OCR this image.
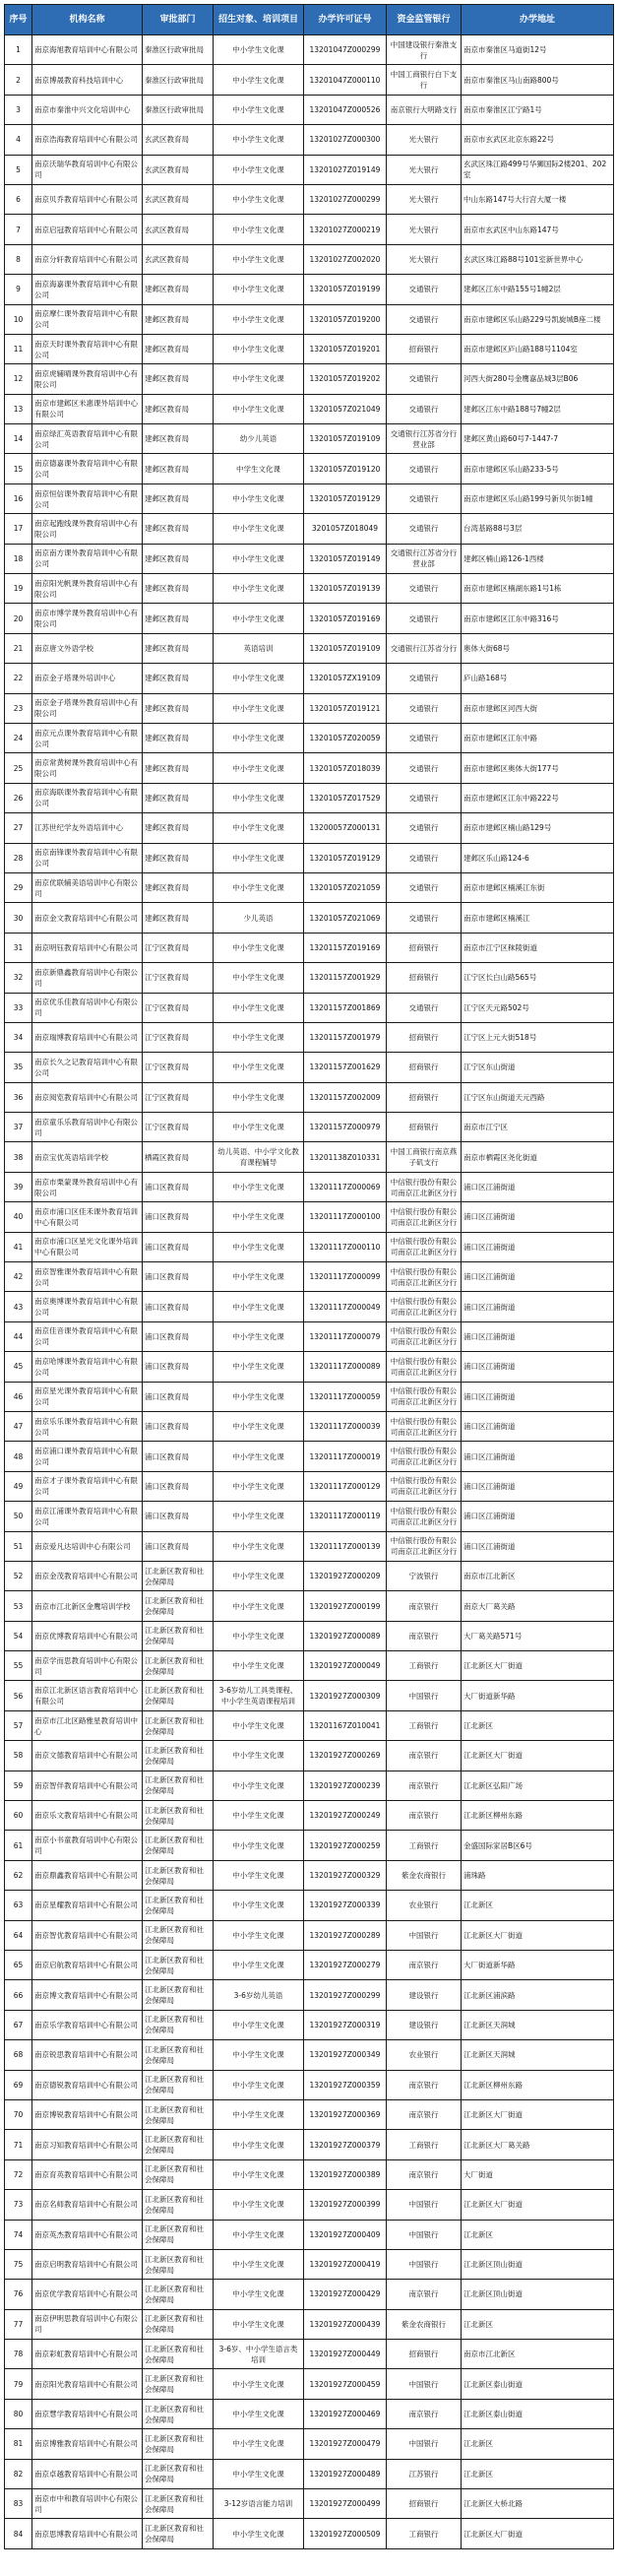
序号	机构名称	审批部门	招生对象、培训项目	办学许可证号	资金监管银行	办学地址
1	南京海旭教育培训中心有限公司	秦淮区行政审批局	中小学生文化课	13201047Z000299	中国建设银行秦淮支行	南京市秦淮区马道街12号
2	南京博晟教育科技培训中心	秦淮区行政审批局	中小学生文化课	13201047Z000110	中国工商银行白下支行	南京市秦淮区马山南路800号
3	南京市秦淮中兴文化培训中心	秦淮区行政审批局	中小学生文化课	13201047Z000526	南京银行大明路支行	南京市秦淮区江宁路1号
4	南京浩海教育培训中心有限公司	玄武区教育局	中小学生文化课	13201027Z000300	光大银行	南京市玄武区北京东路22号
5	南京沃瑞华教育培训中心有限公司	玄武区教育局	中小学生文化课	13201027Z019149	光大银行	玄武区珠江路499号华狮国际2楼201、202室
6	南京贝乔教育培训中心有限公司	玄武区教育局	中小学生文化课	13201027Z000299	光大银行	中山东路147号大行宫大厦一楼
7	南京启冠教育培训中心有限公司	玄武区教育局	中小学生文化课	13201027Z000219	光大银行	南京市玄武区中山东路147号
8	南京分轩教育培训中心有限公司	玄武区教育局	中小学生文化课	13201027Z002020	光大银行	玄武区珠江路88号101室新世界中心
9	南京海嘉课外教育培训中心有限公司	建邺区教育局	中小学生文化课	13201057Z019199	交通银行	建邺区江东中路155号1幢2层
10	南京摩仁课外教育培训中心有限公司	建邺区教育局	中小学生文化课	13201057Z019200	交通银行	南京市建邺区乐山路229号凯旋城B座二楼
11	南京天时课外教育培训中心有限公司	建邺区教育局	中小学生文化课	13201057Z019201	招商银行	南京市建邺区庐山路188号1104室
12	南京虎辅晴课外教育培训中心有限公司	建邺区教育局	中小学生文化课	13201057Z019202	交通银行	河西大街280号金鹰嘉品城3层B06
13	南京市建邺区米惠课外培训中心有限公司	建邺区教育局	中小学生文化课	13201057Z021049	交通银行	建邺区江东中路188号7幢2层
14	南京绿汇英语教育培训中心有限公司	建邺区教育局	幼少儿英语	13201057Z019109	交通银行江苏省分行营业部	建邺区黄山路60号7-1447-7
15	南京德嘉课外教育培训中心有限公司	建邺区教育局	中学生文化课	13201057Z019120	交通银行	南京市建邺区乐山路233-5号
16	南京恒信课外教育培训中心有限公司	建邺区教育局	中小学生文化课	13201057Z019129	交通银行	南京市建邺区乐山路199号新贝尔街1幢
17	南京起跑线课外教育培训中心有限公司	建邺区教育局	中小学生文化课	3201057Z018049	交通银行	台湾基路88号3层
18	南京南方课外教育培训中心有限公司	建邺区教育局	中小学生文化课	13201057Z019149	交通银行江苏省分行营业部	建邺区楠山路126-1西楼
19	南京阳光帆课外教育培训中心有限公司	建邺区教育局	中小学生文化课	13201057Z019139	交通银行	南京市建邺区楠湖东路1号1栋
20	南京市博学课外教育培训中心有限公司	建邺区教育局	中小学生文化课	13201057Z019169	交通银行	南京市建邺区江东中路316号
21	南京唐文外语学校	建邺区教育局	英语培训	13201057Z019109	交通银行江苏省分行	奥体大街68号
22	南京金子塔课外培训中心	建邺区教育局	中小学生文化课	13201057ZX19109	交通银行	庐山路168号
23	南京金子塔课外教育培训中心有限公司	建邺区教育局	中小学生文化课	13201057Z019121	交通银行	南京市建邺区河西大街
24	南京元点课外教育培训中心有限公司	建邺区教育局	中小学生文化课	13201057Z020059	交通银行	南京市建邺区江东中路
25	南京常黄树课外教育培训中心有限公司	建邺区教育局	中小学生文化课	13201057Z018039	交通银行	南京市建邺区奥体大街177号
26	南京海联课外教育培训中心有限公司	建邺区教育局	中小学生文化课	13201057Z017529	交通银行	南京市建邺区江东中路222号
27	江苏世纪学友外语培训中心	建邺区教育局	中小学生文化课	13200057Z000131	交通银行	南京市建邺区楠山路129号
28	南京南锋课外教育培训中心有限公司	建邺区教育局	中小学生文化课	13201057Z019129	交通银行	建邺区乐山路124-6
29	南京优联辅美语培训中心有限公司	建邺区教育局	中小学生文化课	13201057Z021059	交通银行	南京市建邺区楠溪江东街
30	南京金文教育培训中心有限公司	建邺区教育局	少儿英语	13201057Z021069	交通银行	南京市建邺区楠溪江
31	南京明钰教育培训中心有限公司	江宁区教育局	中小学生文化课	13201157Z019169	招商银行	南京市江宁区秣陵街道
32	南京新鼎鑫教育培训中心有限公司	江宁区教育局	中小学生文化课	13201157Z001929	招商银行	江宁区长白山路565号
33	南京优乐佳教育培训中心有限公司	江宁区教育局	中小学生文化课	13201157Z001869	交通银行	江宁区天元路502号
34	南京瑞博教育培训中心有限公司	江宁区教育局	中小学生文化课	13201157Z001979	招商银行	江宁区上元大街518号
35	南京长久之记教育培训中心有限公司	江宁区教育局	中小学生文化课	13201157Z001629	招商银行	江宁区东山街道
36	南京阅览教育培训中心有限公司	江宁区教育局	中小学生文化课	13201157Z002009	招商银行	江宁区东山街道天元西路
37	南京童乐乐教育培训中心有限公司	江宁区教育局	中小学生文化课	13201157Z000979	招商银行	南京市江宁区
38	南京宝优英语培训学校	栖霞区教育局	幼儿英语、中小学文化教育课程辅导	13201138Z010331	中国工商银行南京燕子矶支行	南京市栖霞区尧化街道
39	南京市栗蒙课外教育培训中心有限公司	浦口区教育局	中小学生文化课	13201117Z000069	中信银行股份有限公司南京江北新区分行	浦口区江浦街道
40	南京市浦口区佳禾课外教育培训中心有限公司	浦口区教育局	中小学生文化课	13201117Z000100	中信银行股份有限公司南京江北新区分行	浦口区江浦街道
41	南京市浦口区星光文化课外培训中心有限公司	浦口区教育局	中小学生文化课	13201117Z000110	中信银行股份有限公司南京江北新区分行	浦口区江浦街道
42	南京智雅课外教育培训中心有限公司	浦口区教育局	中小学生文化课	13201117Z000099	中信银行股份有限公司南京江北新区分行	浦口区江浦街道
43	南京奥博课外教育培训中心有限公司	浦口区教育局	中小学生文化课	13201117Z000049	中信银行股份有限公司南京江北新区分行	浦口区江浦街道
44	南京佳音课外教育培训中心有限公司	浦口区教育局	中小学生文化课	13201117Z000079	中信银行股份有限公司南京江北新区分行	浦口区江浦街道
45	南京哈博课外教育培训中心有限公司	浦口区教育局	中小学生文化课	13201117Z000089	中信银行股份有限公司南京江北新区分行	浦口区江浦街道
46	南京星光课外教育培训中心有限公司	浦口区教育局	中小学生文化课	13201117Z000059	中信银行股份有限公司南京江北新区分行	浦口区江浦街道
47	南京乐乐课外教育培训中心有限公司	浦口区教育局	中小学生文化课	13201117Z000039	中信银行股份有限公司南京江北新区分行	浦口区江浦街道
48	南京浦口课外教育培训中心有限公司	浦口区教育局	中小学生文化课	13201117Z000019	中信银行股份有限公司南京江北新区分行	浦口区江浦街道
49	南京才子课外教育培训中心有限公司	浦口区教育局	中小学生文化课	13201117Z000129	中信银行股份有限公司南京江北新区分行	浦口区江浦街道
50	南京江浦课外教育培训中心有限公司	浦口区教育局	中小学生文化课	13201117Z000119	中信银行股份有限公司南京江北新区分行	浦口区江浦街道
51	南京爱凡达培训中心有限公司	浦口区教育局	中小学生文化课	13201117Z000139	中信银行股份有限公司南京江北新区分行	浦口区江浦街道
52	南京金茂教育培训中心有限公司	江北新区教育和社会保障局	中小学生文化课	13201927Z000209	宁波银行	南京市江北新区
53	南京市江北新区金鹰培训学校	江北新区教育和社会保障局	中小学生文化课	13201927Z000199	南京银行	南京大厂葛关路
54	南京优博教育培训中心有限公司	江北新区教育和社会保障局	中小学生文化课	13201927Z000089	南京银行	大厂葛关路571号
55	南京学而思教育培训中心有限公司	江北新区教育和社会保障局	中小学生文化课	13201927Z000049	工商银行	江北新区大厂街道
56	南京江北新区语言教育培训中心有限公司	江北新区教育和社会保障局	3-6岁幼儿工具类课程、中小学生英语课程培训	13201927Z000309	中国银行	大厂街道新华路
57	南京市江北区路雅星教育培训中心	江北新区教育和社会保障局	中小学生文化课	13201167Z010041	工商银行	江北新区
58	南京文德教育培训中心有限公司	江北新区教育和社会保障局	中小学生文化课	13201927Z000269	南京银行	江北新区大厂街道
59	南京智伴教育培训中心有限公司	江北新区教育和社会保障局	中小学生文化课	13201927Z000239	南京银行	江北新区弘阳广场
60	南京乐文教育培训中心有限公司	江北新区教育和社会保障局	中小学生文化课	13201927Z000249	南京银行	江北新区柳州东路
61	南京小书童教育培训中心有限公司	江北新区教育和社会保障局	中小学生文化课	13201927Z000259	工商银行	金盛国际家居B区6号
62	南京鼎鑫教育培训中心有限公司	江北新区教育和社会保障局	中小学生文化课	13201927Z000329	紫金农商银行	浦珠路
63	南京星耀教育培训中心有限公司	江北新区教育和社会保障局	中小学生文化课	13201927Z000339	农业银行	江北新区
64	南京智优教育培训中心有限公司	江北新区教育和社会保障局	中小学生文化课	13201927Z000289	中国银行	江北新区大厂街道
65	南京启航教育培训中心有限公司	江北新区教育和社会保障局	中小学生文化课	13201927Z000279	南京银行	大厂街道新华路
66	南京博文教育培训中心有限公司	江北新区教育和社会保障局	3-6岁幼儿英语	13201927Z000299	建设银行	江北新区浦滨路
67	南京乐学教育培训中心有限公司	江北新区教育和社会保障局	中小学生文化课	13201927Z000319	建设银行	江北新区天润城
68	南京锐思教育培训中心有限公司	江北新区教育和社会保障局	中小学生文化课	13201927Z000349	农业银行	江北新区天润城
69	南京德锐教育培训中心有限公司	江北新区教育和社会保障局	中小学生文化课	13201927Z000359	南京银行	江北新区柳州东路
70	南京博锐教育培训中心有限公司	江北新区教育和社会保障局	中小学生文化课	13201927Z000369	南京银行	江北新区大厂街道
71	南京习知教育培训中心有限公司	江北新区教育和社会保障局	中小学生文化课	13201927Z000379	工商银行	江北新区大厂葛关路
72	南京育英教育培训中心有限公司	江北新区教育和社会保障局	中小学生文化课	13201927Z000389	南京银行	大厂街道
73	南京名师教育培训中心有限公司	江北新区教育和社会保障局	中小学生文化课	13201927Z000399	中国银行	江北新区大厂街道
74	南京英杰教育培训中心有限公司	江北新区教育和社会保障局	中小学生文化课	13201927Z000409	中国银行	江北新区
75	南京启明教育培训中心有限公司	江北新区教育和社会保障局	中小学生文化课	13201927Z000419	中国银行	江北新区顶山街道
76	南京优学教育培训中心有限公司	江北新区教育和社会保障局	中小学生文化课	13201927Z000429	南京银行	江北新区顶山街道
77	南京伊明思教育培训中心有限公司	江北新区教育和社会保障局	中小学生文化课	13201927Z000439	紫金农商银行	江北新区
78	南京彩虹教育培训中心有限公司	江北新区教育和社会保障局	3-6岁、中小学生语言类培训	13201927Z000449	招商银行	南京市江北新区
79	南京阳光教育培训中心有限公司	江北新区教育和社会保障局	中小学生文化课	13201927Z000459	中国银行	江北新区泰山街道
80	南京慧学教育培训中心有限公司	江北新区教育和社会保障局	中小学生文化课	13201927Z000469	南京银行	江北新区泰山街道
81	南京博雅教育培训中心有限公司	江北新区教育和社会保障局	中小学生文化课	13201927Z000479	中国银行	江北新区
82	南京卓越教育培训中心有限公司	江北新区教育和社会保障局	中小学生文化课	13201927Z000489	江苏银行	江北新区
83	南京市中和教育培训中心有限公司	江北新区教育和社会保障局	3-12岁语言能力培训	13201927Z000499	招商银行	江北新区大桥北路
84	南京思博教育培训中心有限公司	江北新区教育和社会保障局	中小学生文化课	13201927Z000509	工商银行	江北新区大厂街道
